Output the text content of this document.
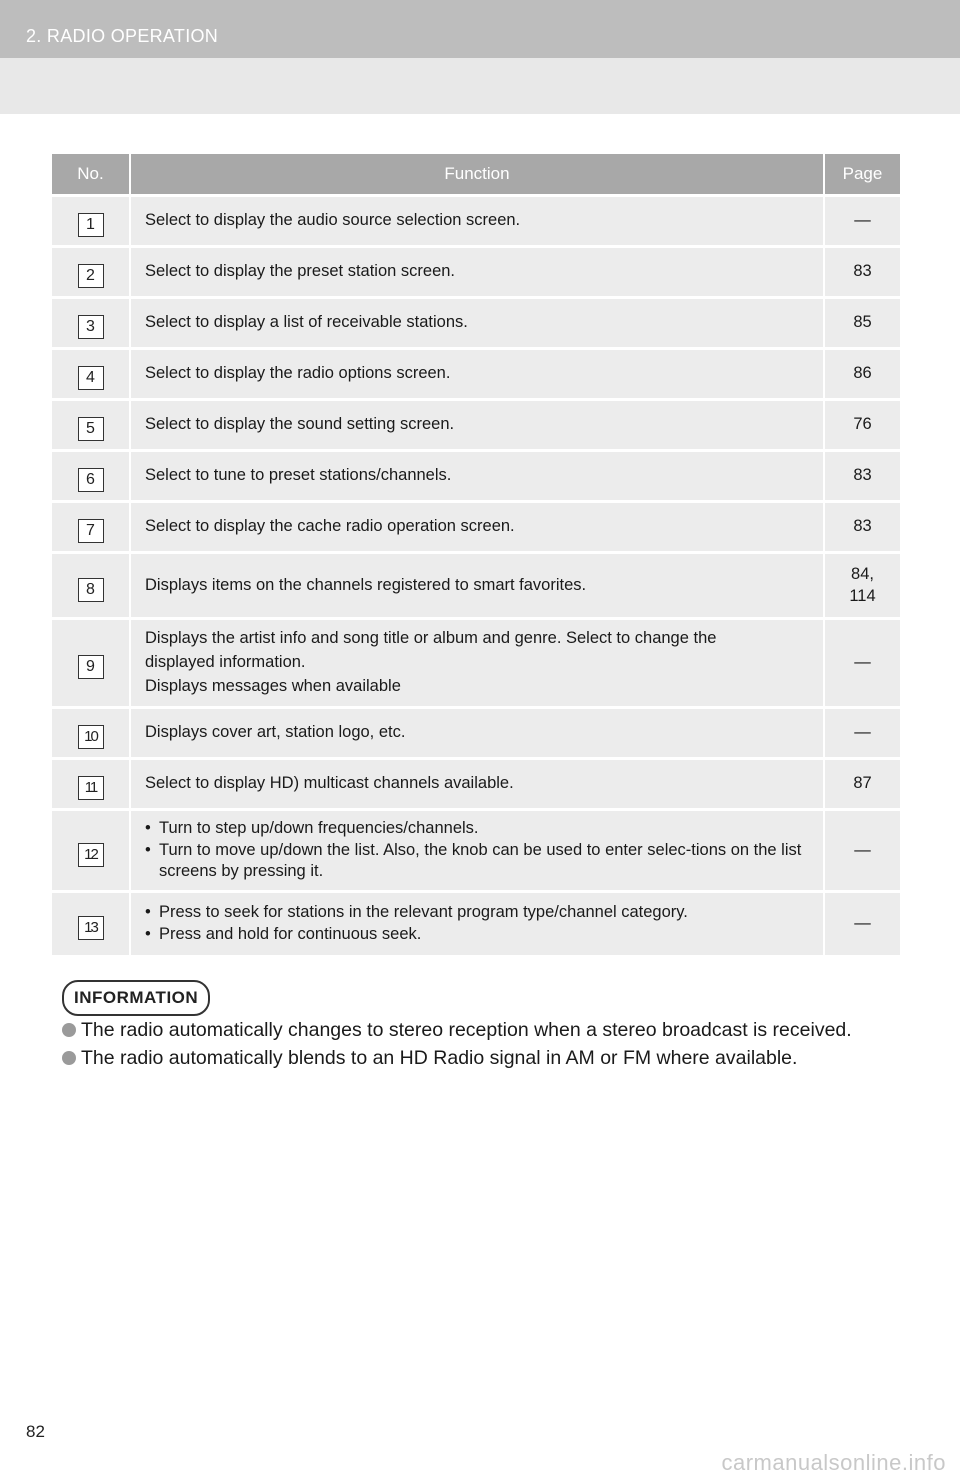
2. RADIO OPERATION
No.	Function	Page
1	Select to display the audio source selection screen.	—

2	Select to display the preset station screen.	83

3	Select to display a list of receivable stations.	85

4	Select to display the radio options screen.	86

5	Select to display the sound setting screen.	76

6	Select to tune to preset stations/channels.	83

7	Select to display the cache radio operation screen.	83

8	Displays items on the channels registered to smart favorites.	84,
114

9	Displays the artist info and song title or album and genre. Select to change the
displayed information.
Displays messages when available	—

10	Displays cover art, station logo, etc.	—

11	Select to display HD) multicast channels available.	87

12	• Turn to step up/down frequencies/channels.
• Turn to move up/down the list. Also, the knob can be used to enter selec-tions on the list screens by pressing it.	—

13	• Press to seek for stations in the relevant program type/channel category.
• Press and hold for continuous seek.	—
INFORMATION
The radio automatically changes to stereo reception when a stereo broadcast is received.
The radio automatically blends to an HD Radio signal in AM or FM where available.
82
carmanualsonline.info
